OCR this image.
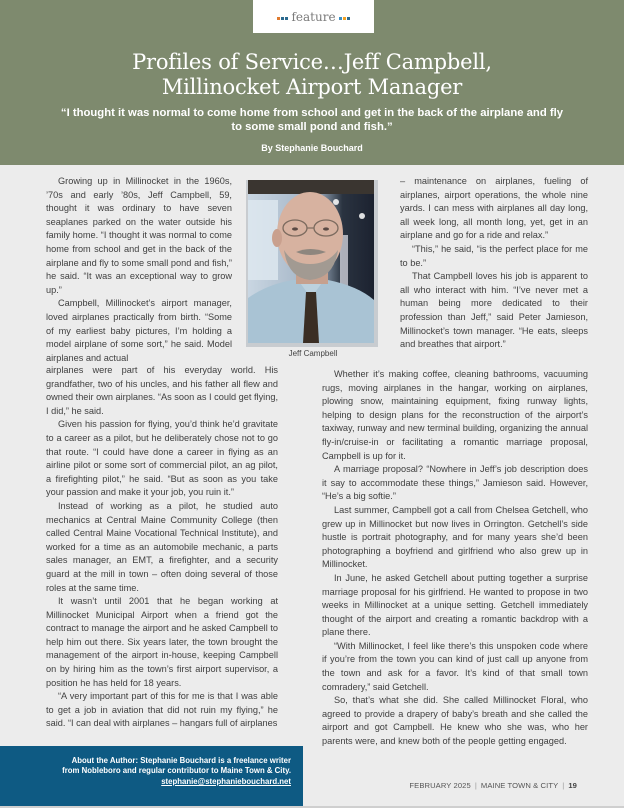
feature
Profiles of Service…Jeff Campbell,
Millinocket Airport Manager
“I thought it was normal to come home from school and get in the back of the airplane and fly to some small pond and fish.”
By Stephanie Bouchard

Growing up in Millinocket in the 1960s, ’70s and early ’80s, Jeff Campbell, 59, thought it was ordinary to have seven seaplanes parked on the water outside his family home. “I thought it was normal to come home from school and get in the back of the airplane and fly to some small pond and fish,” he said. “It was an exceptional way to grow up.”

Campbell, Millinocket’s airport manager, loved airplanes practically from birth. “Some of my earliest baby pictures, I’m holding a model airplane of some sort,” he said. Model airplanes and actual	Jeff Campbell

airplanes were part of his everyday world. His grandfather, two of his uncles, and his father all flew and owned their own airplanes. “As soon as I could get flying, I did,” he said.

Given his passion for flying, you’d think he’d gravitate to a career as a pilot, but he deliberately chose not to go that route. “I could have done a career in flying as an airline pilot or some sort of commercial pilot, an ag pilot, a firefighting pilot,” he said. “But as soon as you take your passion and make it your job, you ruin it.”

Instead of working as a pilot, he studied auto mechanics at Central Maine Community College (then called Central Maine Vocational Technical Institute), and worked for a time as an automobile mechanic, a parts sales manager, an EMT, a firefighter, and a security guard at the mill in town – often doing several of those roles at the same time.

It wasn’t until 2001 that he began working at Millinocket Municipal Airport when a friend got the contract to manage the airport and he asked Campbell to help him out there. Six years later, the town brought the management of the airport in-house, keeping Campbell on by hiring him as the town’s first airport supervisor, a position he has held for 18 years.

“A very important part of this for me is that I was able to get a job in aviation that did not ruin my flying,” he said. “I can deal with airplanes – hangars full of airplanes

– maintenance on airplanes, fueling of airplanes, airport operations, the whole nine yards. I can mess with airplanes all day long, all week long, all month long, yet, get in an airplane and go for a ride and relax.”

“This,” he said, “is the perfect place for me to be.”

That Campbell loves his job is apparent to all who interact with him. “I’ve never met a human being more dedicated to their profession than Jeff,” said Peter Jamieson, Millinocket’s town manager. “He eats, sleeps and breathes that airport.”

Whether it’s making coffee, cleaning bathrooms, vacuuming rugs, moving airplanes in the hangar, working on airplanes, plowing snow, maintaining equipment, fixing runway lights, helping to design plans for the reconstruction of the airport’s taxiway, runway and new terminal building, organizing the annual fly-in/cruise-in or facilitating a romantic marriage proposal, Campbell is up for it.

A marriage proposal? “Nowhere in Jeff’s job description does it say to accommodate these things,” Jamieson said. However, “He’s a big softie.”

Last summer, Campbell got a call from Chelsea Getchell, who grew up in Millinocket but now lives in Orrington. Getchell’s side hustle is portrait photography, and for many years she’d been photographing a boyfriend and girlfriend who also grew up in Millinocket.

In June, he asked Getchell about putting together a surprise marriage proposal for his girlfriend. He wanted to propose in two weeks in Millinocket at a unique setting. Getchell immediately thought of the airport and creating a romantic backdrop with a plane there.

“With Millinocket, I feel like there’s this unspoken code where if you’re from the town you can kind of just call up anyone from the town and ask for a favor. It’s kind of that small town comradery,” said Getchell.

So, that’s what she did. She called Millinocket Floral, who agreed to provide a drapery of baby’s breath and she called the airport and got Campbell. He knew who she was, who her parents were, and knew both of the people getting engaged.

About the Author: Stephanie Bouchard is a freelance writer
from Nobleboro and regular contributor to Maine Town & City.
stephanie@stephaniebouchard.net	FEBRUARY 2025 | MAINE TOWN & CITY | 19
